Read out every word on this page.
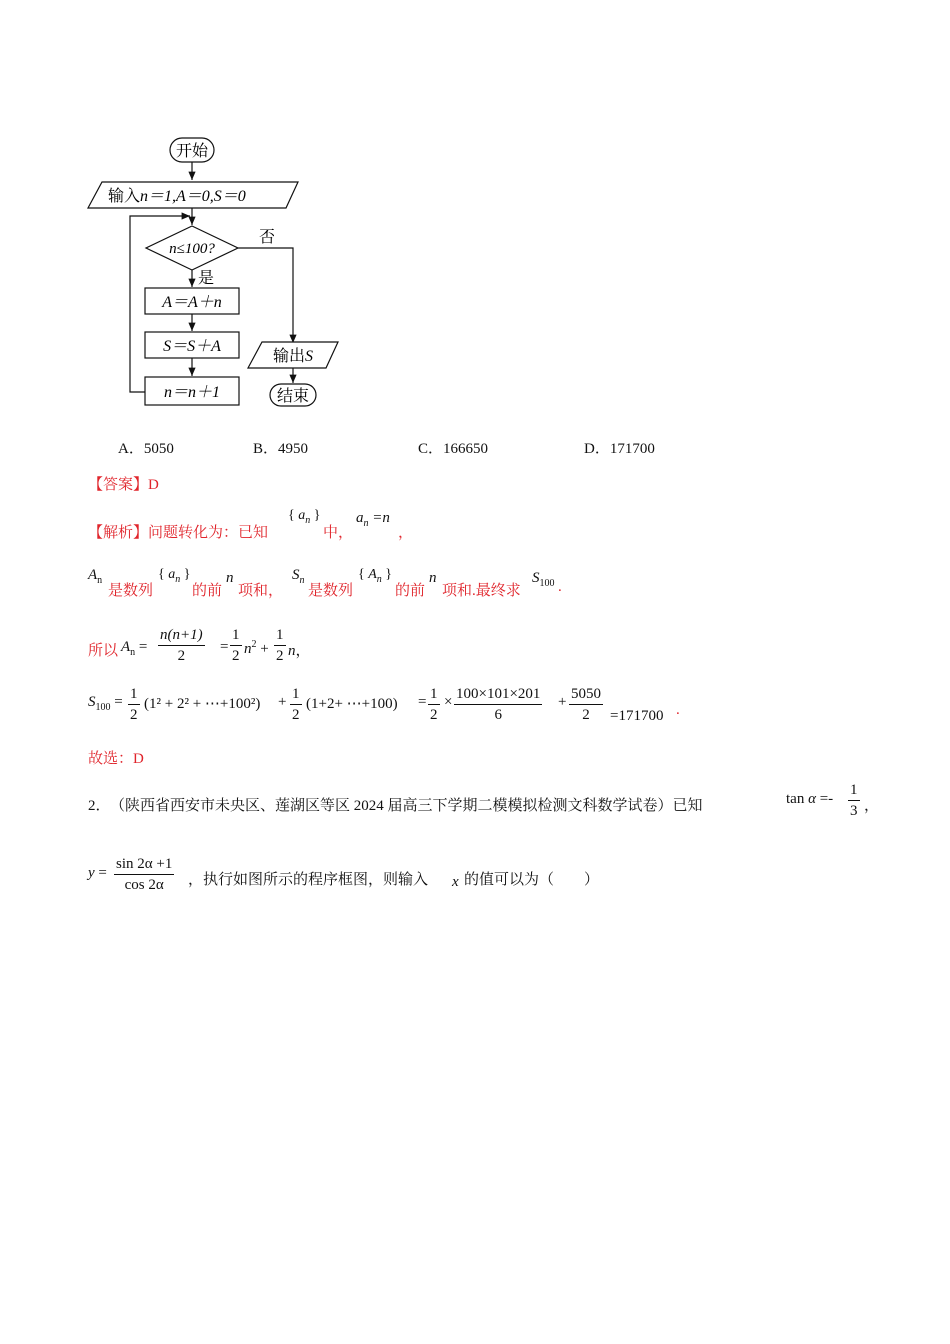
开始
输入n＝1,A＝0,S＝0
n≤100?
否
是
A＝A＋n
S＝S＋A
n＝n＋1
输出S
结束
A．5050	B．4950	C．166650	D．171700
【答案】D
【解析】问题转化为：已知
{ $a_n$ }
中，
$a_n =n$
，
$A_n$
是数列
{ $a_n$ }
的前
n
项和，
$S_n$
是数列
{ $A_n$ }
的前
n
项和.最终求
$S_{100}$ .
所以 $A_n = \frac{n(n+1)}{2} = \frac{1}{2} n^2 + \frac{1}{2}$ n，
$S_{100} = \frac{1}{2} (1^2 + 2^2$ + ⋯+100²) + $\frac{1}{2} (1+2+$ ⋯+100) = $\frac{1}{2} \times \frac{100\times 101\times 201}{6} + \frac{5050}{2} =171700$ .
故选：D
2． （陕西省西安市未央区、莲湖区等区 2024 届高三下学期二模模拟检测文科数学试卷）已知	$\tan \alpha =- \frac{1}{3}$ ，
$y = \frac{\sin 2\alpha +1}{\cos 2\alpha}$ ，执行如图所示的程序框图，则输入 x 的值可以为（　　）
